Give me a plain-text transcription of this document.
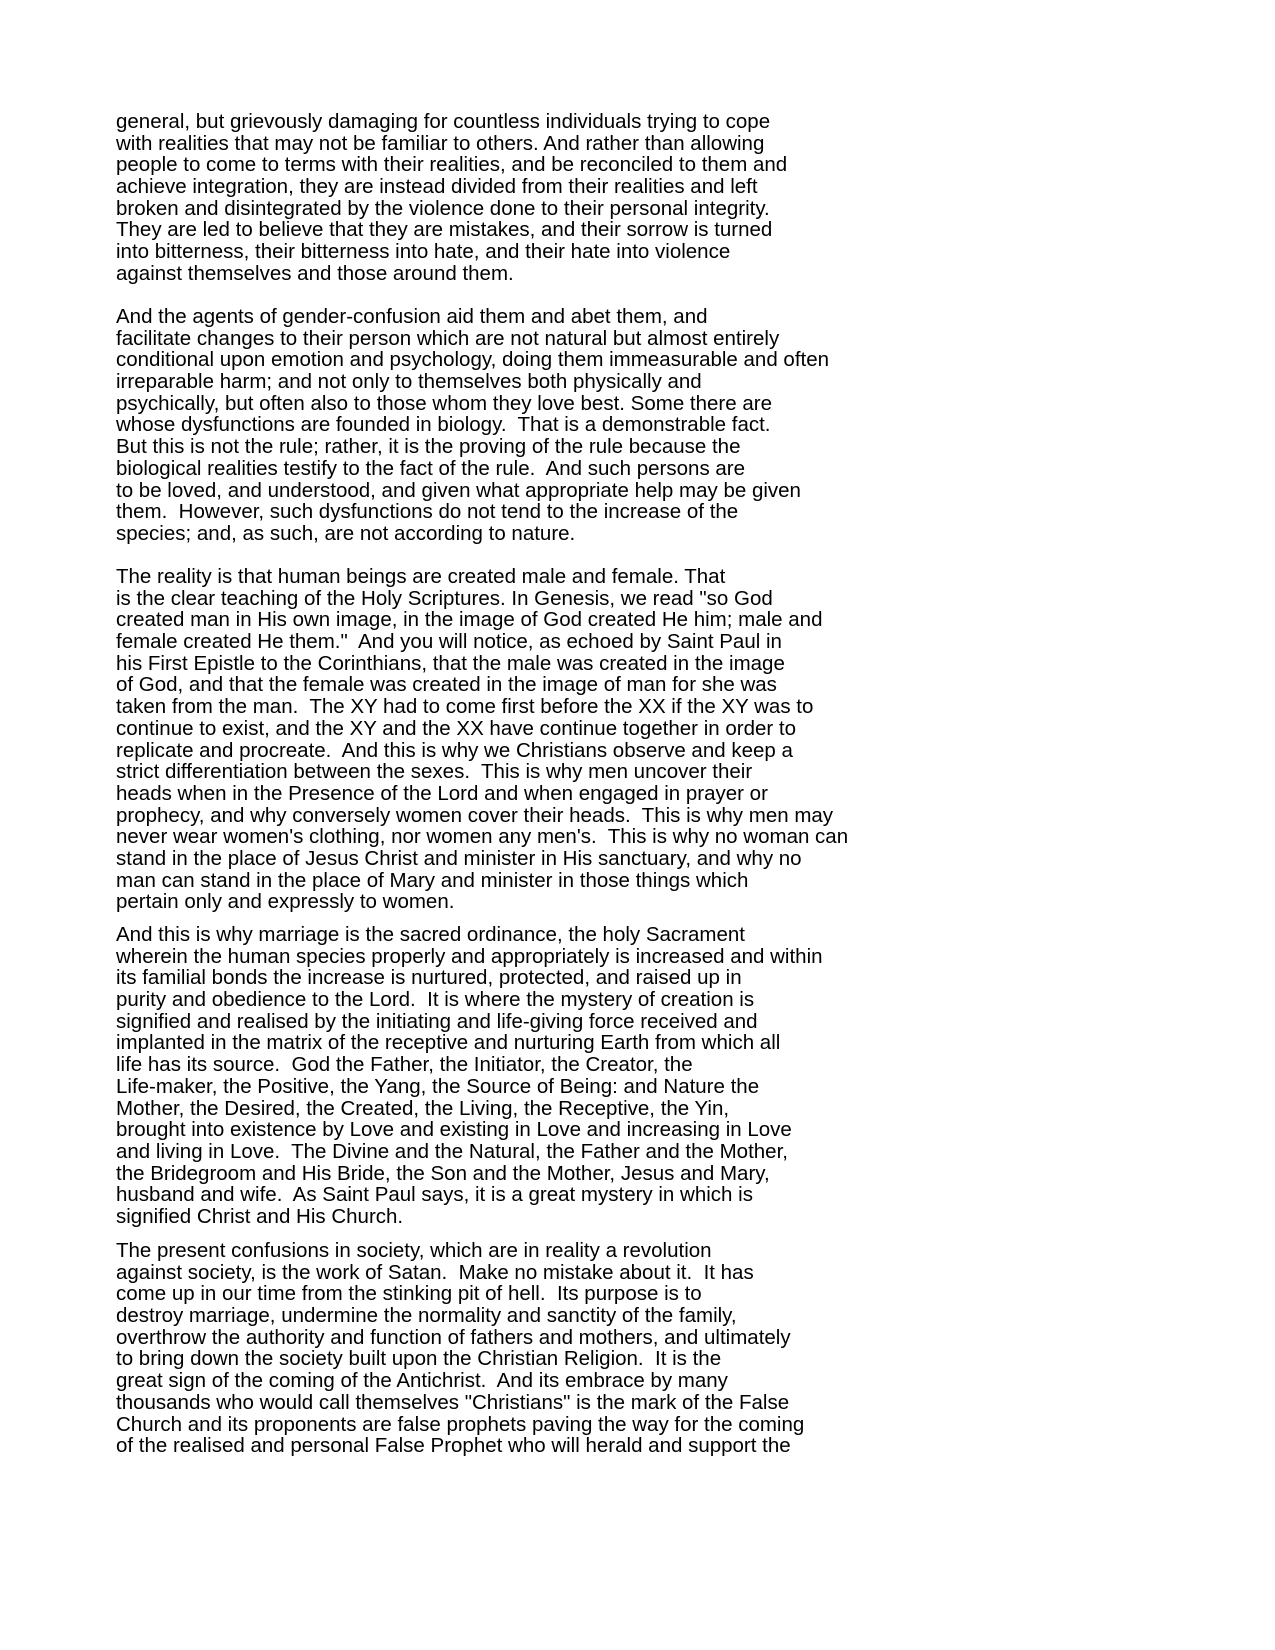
general, but grievously damaging for countless individuals trying to cope
with realities that may not be familiar to others. And rather than allowing
people to come to terms with their realities, and be reconciled to them and
achieve integration, they are instead divided from their realities and left
broken and disintegrated by the violence done to their personal integrity.
They are led to believe that they are mistakes, and their sorrow is turned
into bitterness, their bitterness into hate, and their hate into violence
against themselves and those around them.
And the agents of gender-confusion aid them and abet them, and
facilitate changes to their person which are not natural but almost entirely
conditional upon emotion and psychology, doing them immeasurable and often
irreparable harm; and not only to themselves both physically and
psychically, but often also to those whom they love best. Some there are
whose dysfunctions are founded in biology.  That is a demonstrable fact.
But this is not the rule; rather, it is the proving of the rule because the
biological realities testify to the fact of the rule.  And such persons are
to be loved, and understood, and given what appropriate help may be given
them.  However, such dysfunctions do not tend to the increase of the
species; and, as such, are not according to nature.
The reality is that human beings are created male and female. That
is the clear teaching of the Holy Scriptures. In Genesis, we read "so God
created man in His own image, in the image of God created He him; male and
female created He them."  And you will notice, as echoed by Saint Paul in
his First Epistle to the Corinthians, that the male was created in the image
of God, and that the female was created in the image of man for she was
taken from the man.  The XY had to come first before the XX if the XY was to
continue to exist, and the XY and the XX have continue together in order to
replicate and procreate.  And this is why we Christians observe and keep a
strict differentiation between the sexes.  This is why men uncover their
heads when in the Presence of the Lord and when engaged in prayer or
prophecy, and why conversely women cover their heads.  This is why men may
never wear women's clothing, nor women any men's.  This is why no woman can
stand in the place of Jesus Christ and minister in His sanctuary, and why no
man can stand in the place of Mary and minister in those things which
pertain only and expressly to women.
And this is why marriage is the sacred ordinance, the holy Sacrament
wherein the human species properly and appropriately is increased and within
its familial bonds the increase is nurtured, protected, and raised up in
purity and obedience to the Lord.  It is where the mystery of creation is
signified and realised by the initiating and life-giving force received and
implanted in the matrix of the receptive and nurturing Earth from which all
life has its source.  God the Father, the Initiator, the Creator, the
Life-maker, the Positive, the Yang, the Source of Being: and Nature the
Mother, the Desired, the Created, the Living, the Receptive, the Yin,
brought into existence by Love and existing in Love and increasing in Love
and living in Love.  The Divine and the Natural, the Father and the Mother,
the Bridegroom and His Bride, the Son and the Mother, Jesus and Mary,
husband and wife.  As Saint Paul says, it is a great mystery in which is
signified Christ and His Church.
The present confusions in society, which are in reality a revolution
against society, is the work of Satan.  Make no mistake about it.  It has
come up in our time from the stinking pit of hell.  Its purpose is to
destroy marriage, undermine the normality and sanctity of the family,
overthrow the authority and function of fathers and mothers, and ultimately
to bring down the society built upon the Christian Religion.  It is the
great sign of the coming of the Antichrist.  And its embrace by many
thousands who would call themselves "Christians" is the mark of the False
Church and its proponents are false prophets paving the way for the coming
of the realised and personal False Prophet who will herald and support the
